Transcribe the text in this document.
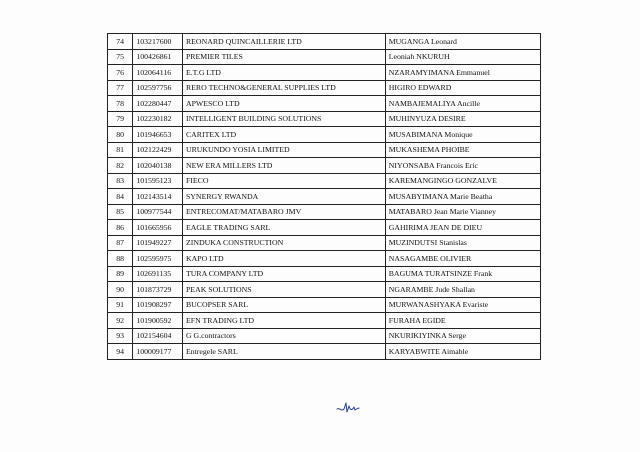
74	103217600	REONARD QUINCAILLERIE LTD	MUGANGA Leonard
75	100426861	PREMIER TILES	Leoniah NKURUH
76	102064116	E.T.G LTD	NZARAMYIMANA Emmanuel
77	102597756	RERO TECHNO&GENERAL SUPPLIES LTD	HIGIRO EDWARD
78	102280447	APWESCO LTD	NAMBAJEMALIYA Ancille
79	102230182	INTELLIGENT BUILDING SOLUTIONS	MUHINYUZA DESIRE
80	101946653	CARITEX LTD	MUSABIMANA Monique
81	102122429	URUKUNDO YOSIA LIMITED	MUKASHEMA PHOIBE
82	102040138	NEW ERA MILLERS LTD	NIYONSABA Francois Eric
83	101595123	FIECO	KAREMANGINGO GONZALVE
84	102143514	SYNERGY RWANDA	MUSABYIMANA Marie Beatha
85	100977544	ENTRECOMAT/MATABARO JMV	MATABARO Jean Marie Vianney
86	101665956	EAGLE TRADING SARL	GAHIRIMA JEAN DE DIEU
87	101949227	ZINDUKA CONSTRUCTION	MUZINDUTSI Stanislas
88	102595975	KAPO LTD	NASAGAMBE OLIVIER
89	102691135	TURA COMPANY LTD	BAGUMA TURATSINZE Frank
90	101873729	PEAK SOLUTIONS	NGARAMBE Jude Shallan
91	101908297	BUCOPSER SARL	MURWANASHYAKA Evariste
92	101900592	EFN TRADING LTD	FURAHA EGIDE
93	102154604	G G.contractors	NKURIKIYINKA Serge
94	100009177	Entregele SARL	KARYABWITE Aimable
